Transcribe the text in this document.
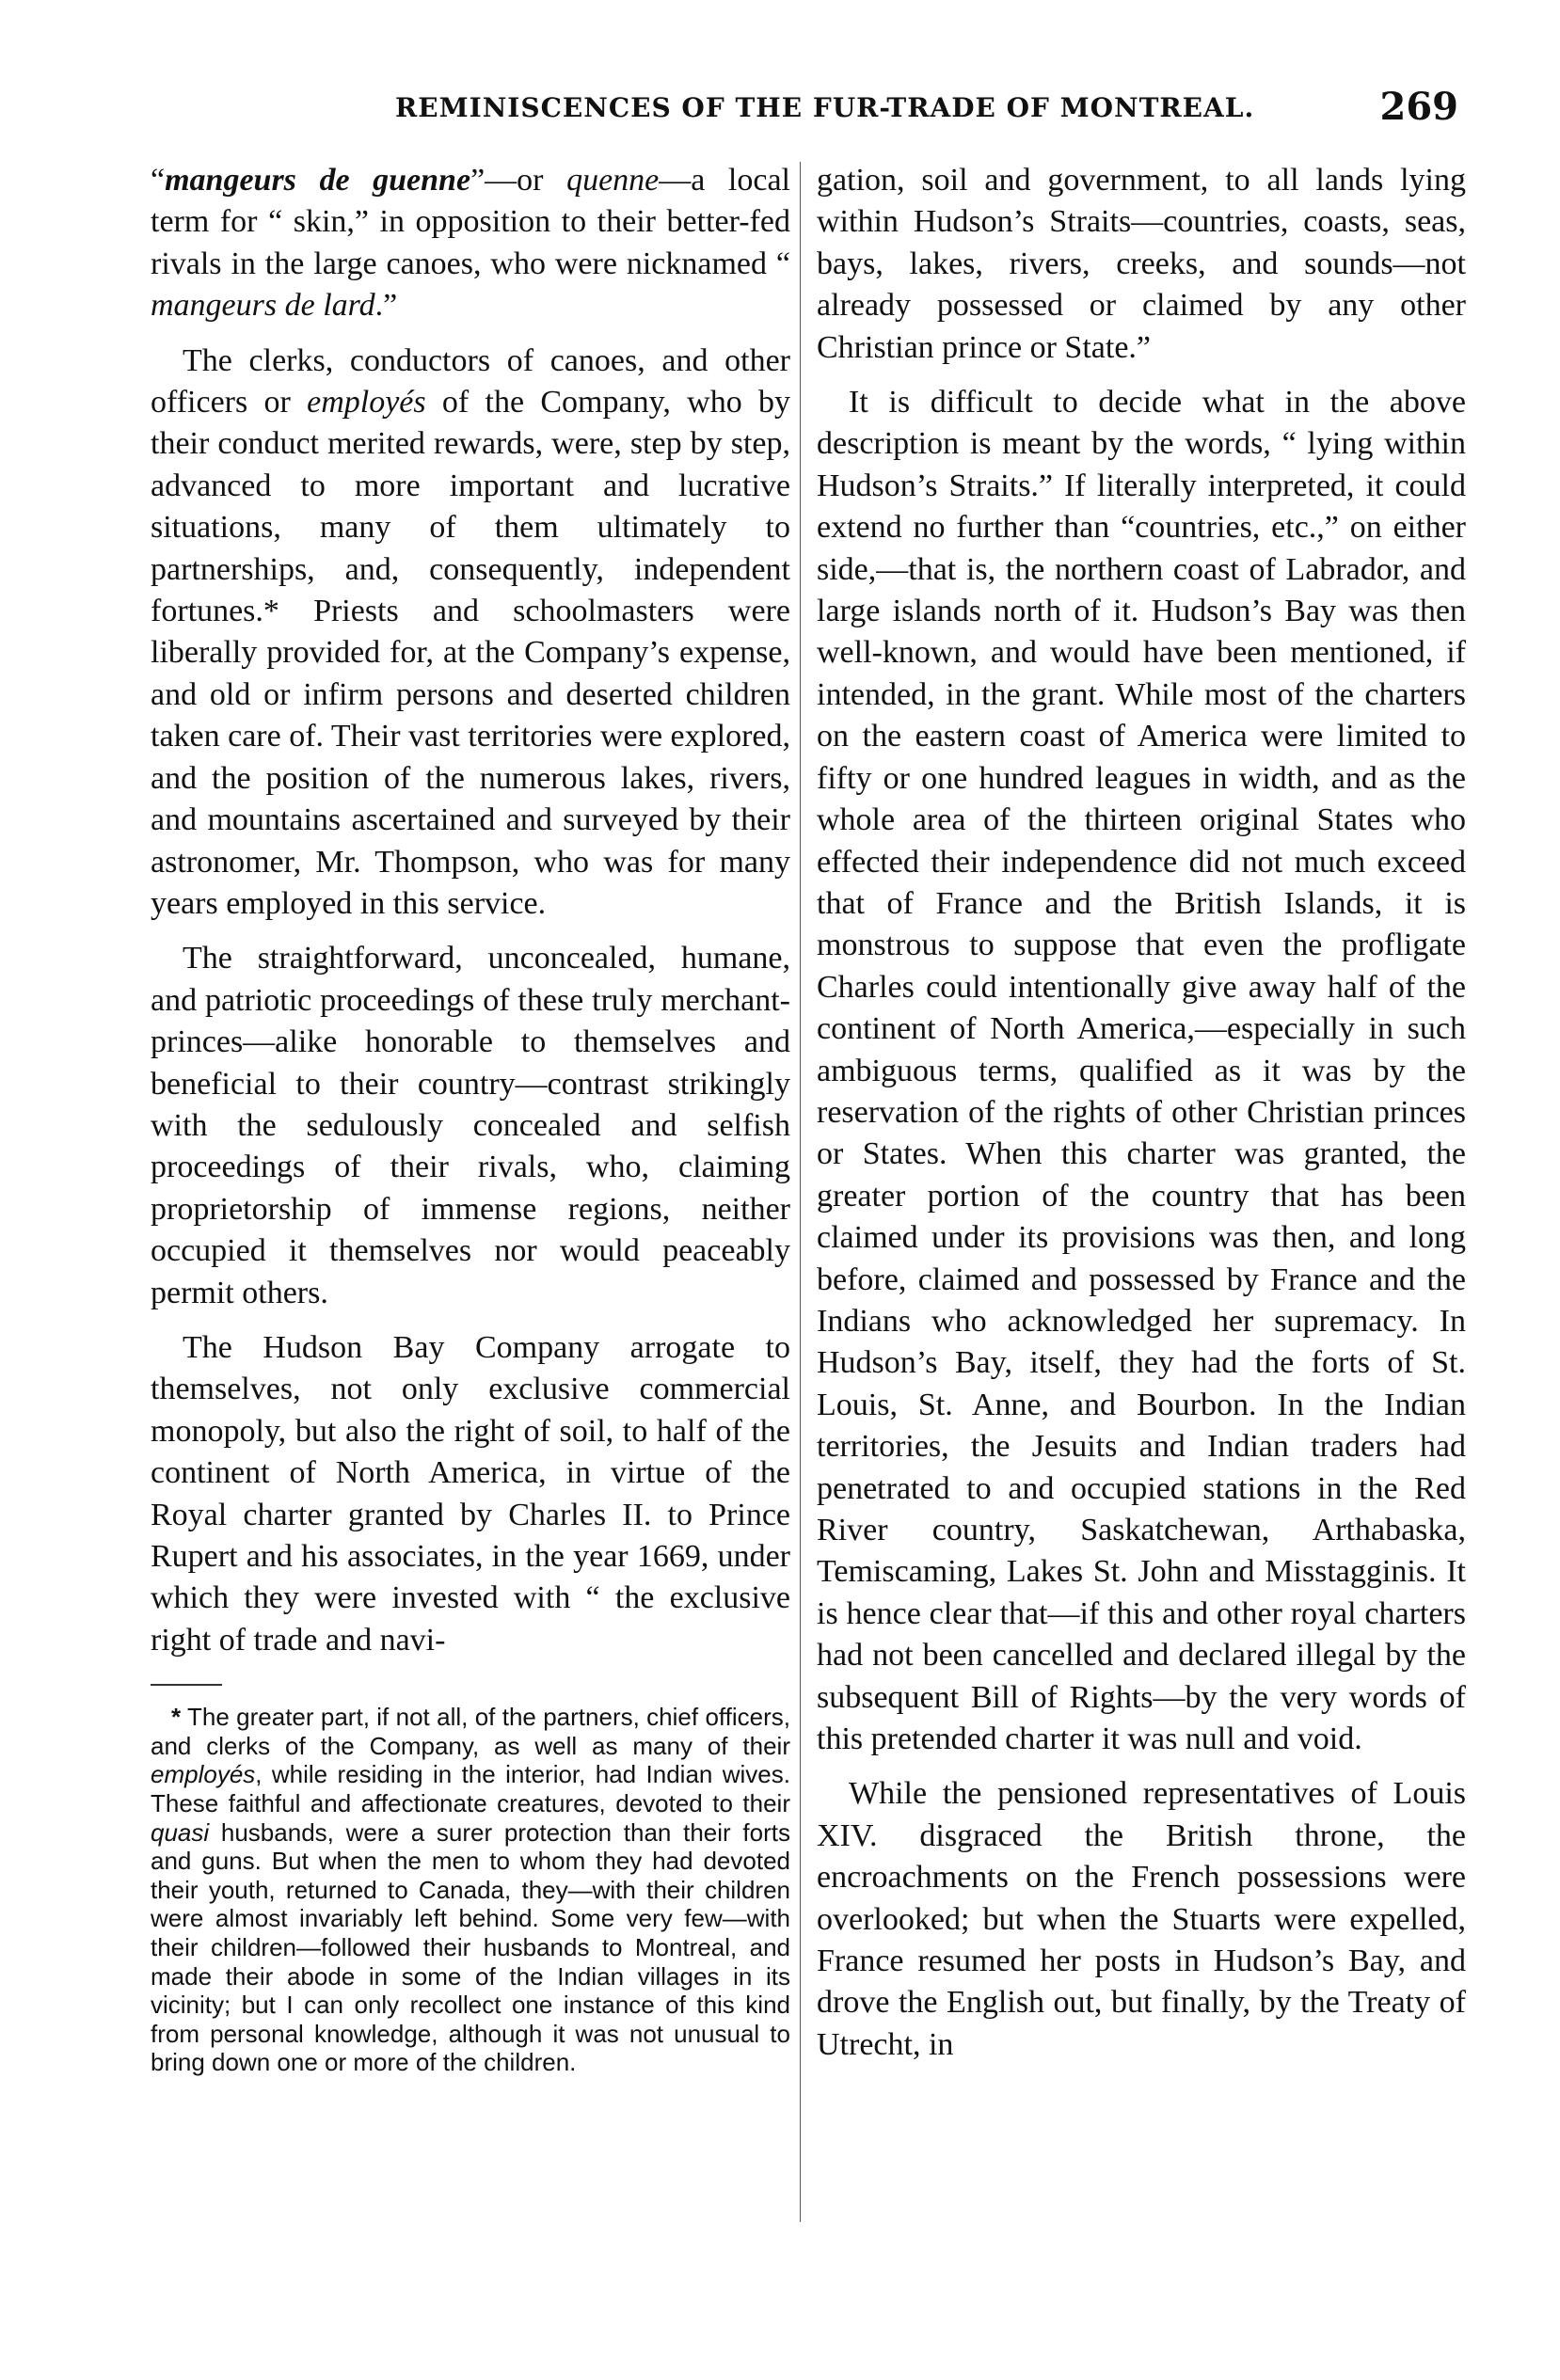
REMINISCENCES OF THE FUR-TRADE OF MONTREAL.	269

“mangeurs de guenne”—or quenne—a local term for “ skin,” in opposition to their better-fed rivals in the large canoes, who were nicknamed “ mangeurs de lard.”

The clerks, conductors of canoes, and other officers or employés of the Company, who by their conduct merited rewards, were, step by step, advanced to more important and lucrative situations, many of them ultimately to partnerships, and, consequently, independent fortunes.* Priests and schoolmasters were liberally provided for, at the Company’s expense, and old or infirm persons and deserted children taken care of. Their vast territories were explored, and the position of the numerous lakes, rivers, and mountains ascertained and surveyed by their astronomer, Mr. Thompson, who was for many years employed in this service.

The straightforward, unconcealed, humane, and patriotic proceedings of these truly merchant-princes—alike honorable to themselves and beneficial to their country—contrast strikingly with the sedulously concealed and selfish proceedings of their rivals, who, claiming proprietorship of immense regions, neither occupied it themselves nor would peaceably permit others.

The Hudson Bay Company arrogate to themselves, not only exclusive commercial monopoly, but also the right of soil, to half of the continent of North America, in virtue of the Royal charter granted by Charles II. to Prince Rupert and his associates, in the year 1669, under which they were invested with “ the exclusive right of trade and navi-

* The greater part, if not all, of the partners, chief officers, and clerks of the Company, as well as many of their employés, while residing in the interior, had Indian wives. These faithful and affectionate creatures, devoted to their quasi husbands, were a surer protection than their forts and guns. But when the men to whom they had devoted their youth, returned to Canada, they—with their children were almost invariably left behind. Some very few—with their children—followed their husbands to Montreal, and made their abode in some of the Indian villages in its vicinity; but I can only recollect one instance of this kind from personal knowledge, although it was not unusual to bring down one or more of the children.

gation, soil and government, to all lands lying within Hudson’s Straits—countries, coasts, seas, bays, lakes, rivers, creeks, and sounds—not already possessed or claimed by any other Christian prince or State.”

It is difficult to decide what in the above description is meant by the words, “ lying within Hudson’s Straits.” If literally interpreted, it could extend no further than “countries, etc.,” on either side,—that is, the northern coast of Labrador, and large islands north of it. Hudson’s Bay was then well-known, and would have been mentioned, if intended, in the grant. While most of the charters on the eastern coast of America were limited to fifty or one hundred leagues in width, and as the whole area of the thirteen original States who effected their independence did not much exceed that of France and the British Islands, it is monstrous to suppose that even the profligate Charles could intentionally give away half of the continent of North America,—especially in such ambiguous terms, qualified as it was by the reservation of the rights of other Christian princes or States. When this charter was granted, the greater portion of the country that has been claimed under its provisions was then, and long before, claimed and possessed by France and the Indians who acknowledged her supremacy. In Hudson’s Bay, itself, they had the forts of St. Louis, St. Anne, and Bourbon. In the Indian territories, the Jesuits and Indian traders had penetrated to and occupied stations in the Red River country, Saskatchewan, Arthabaska, Temiscaming, Lakes St. John and Misstagginis. It is hence clear that—if this and other royal charters had not been cancelled and declared illegal by the subsequent Bill of Rights—by the very words of this pretended charter it was null and void.

While the pensioned representatives of Louis XIV. disgraced the British throne, the encroachments on the French possessions were overlooked; but when the Stuarts were expelled, France resumed her posts in Hudson’s Bay, and drove the English out, but finally, by the Treaty of Utrecht, in
